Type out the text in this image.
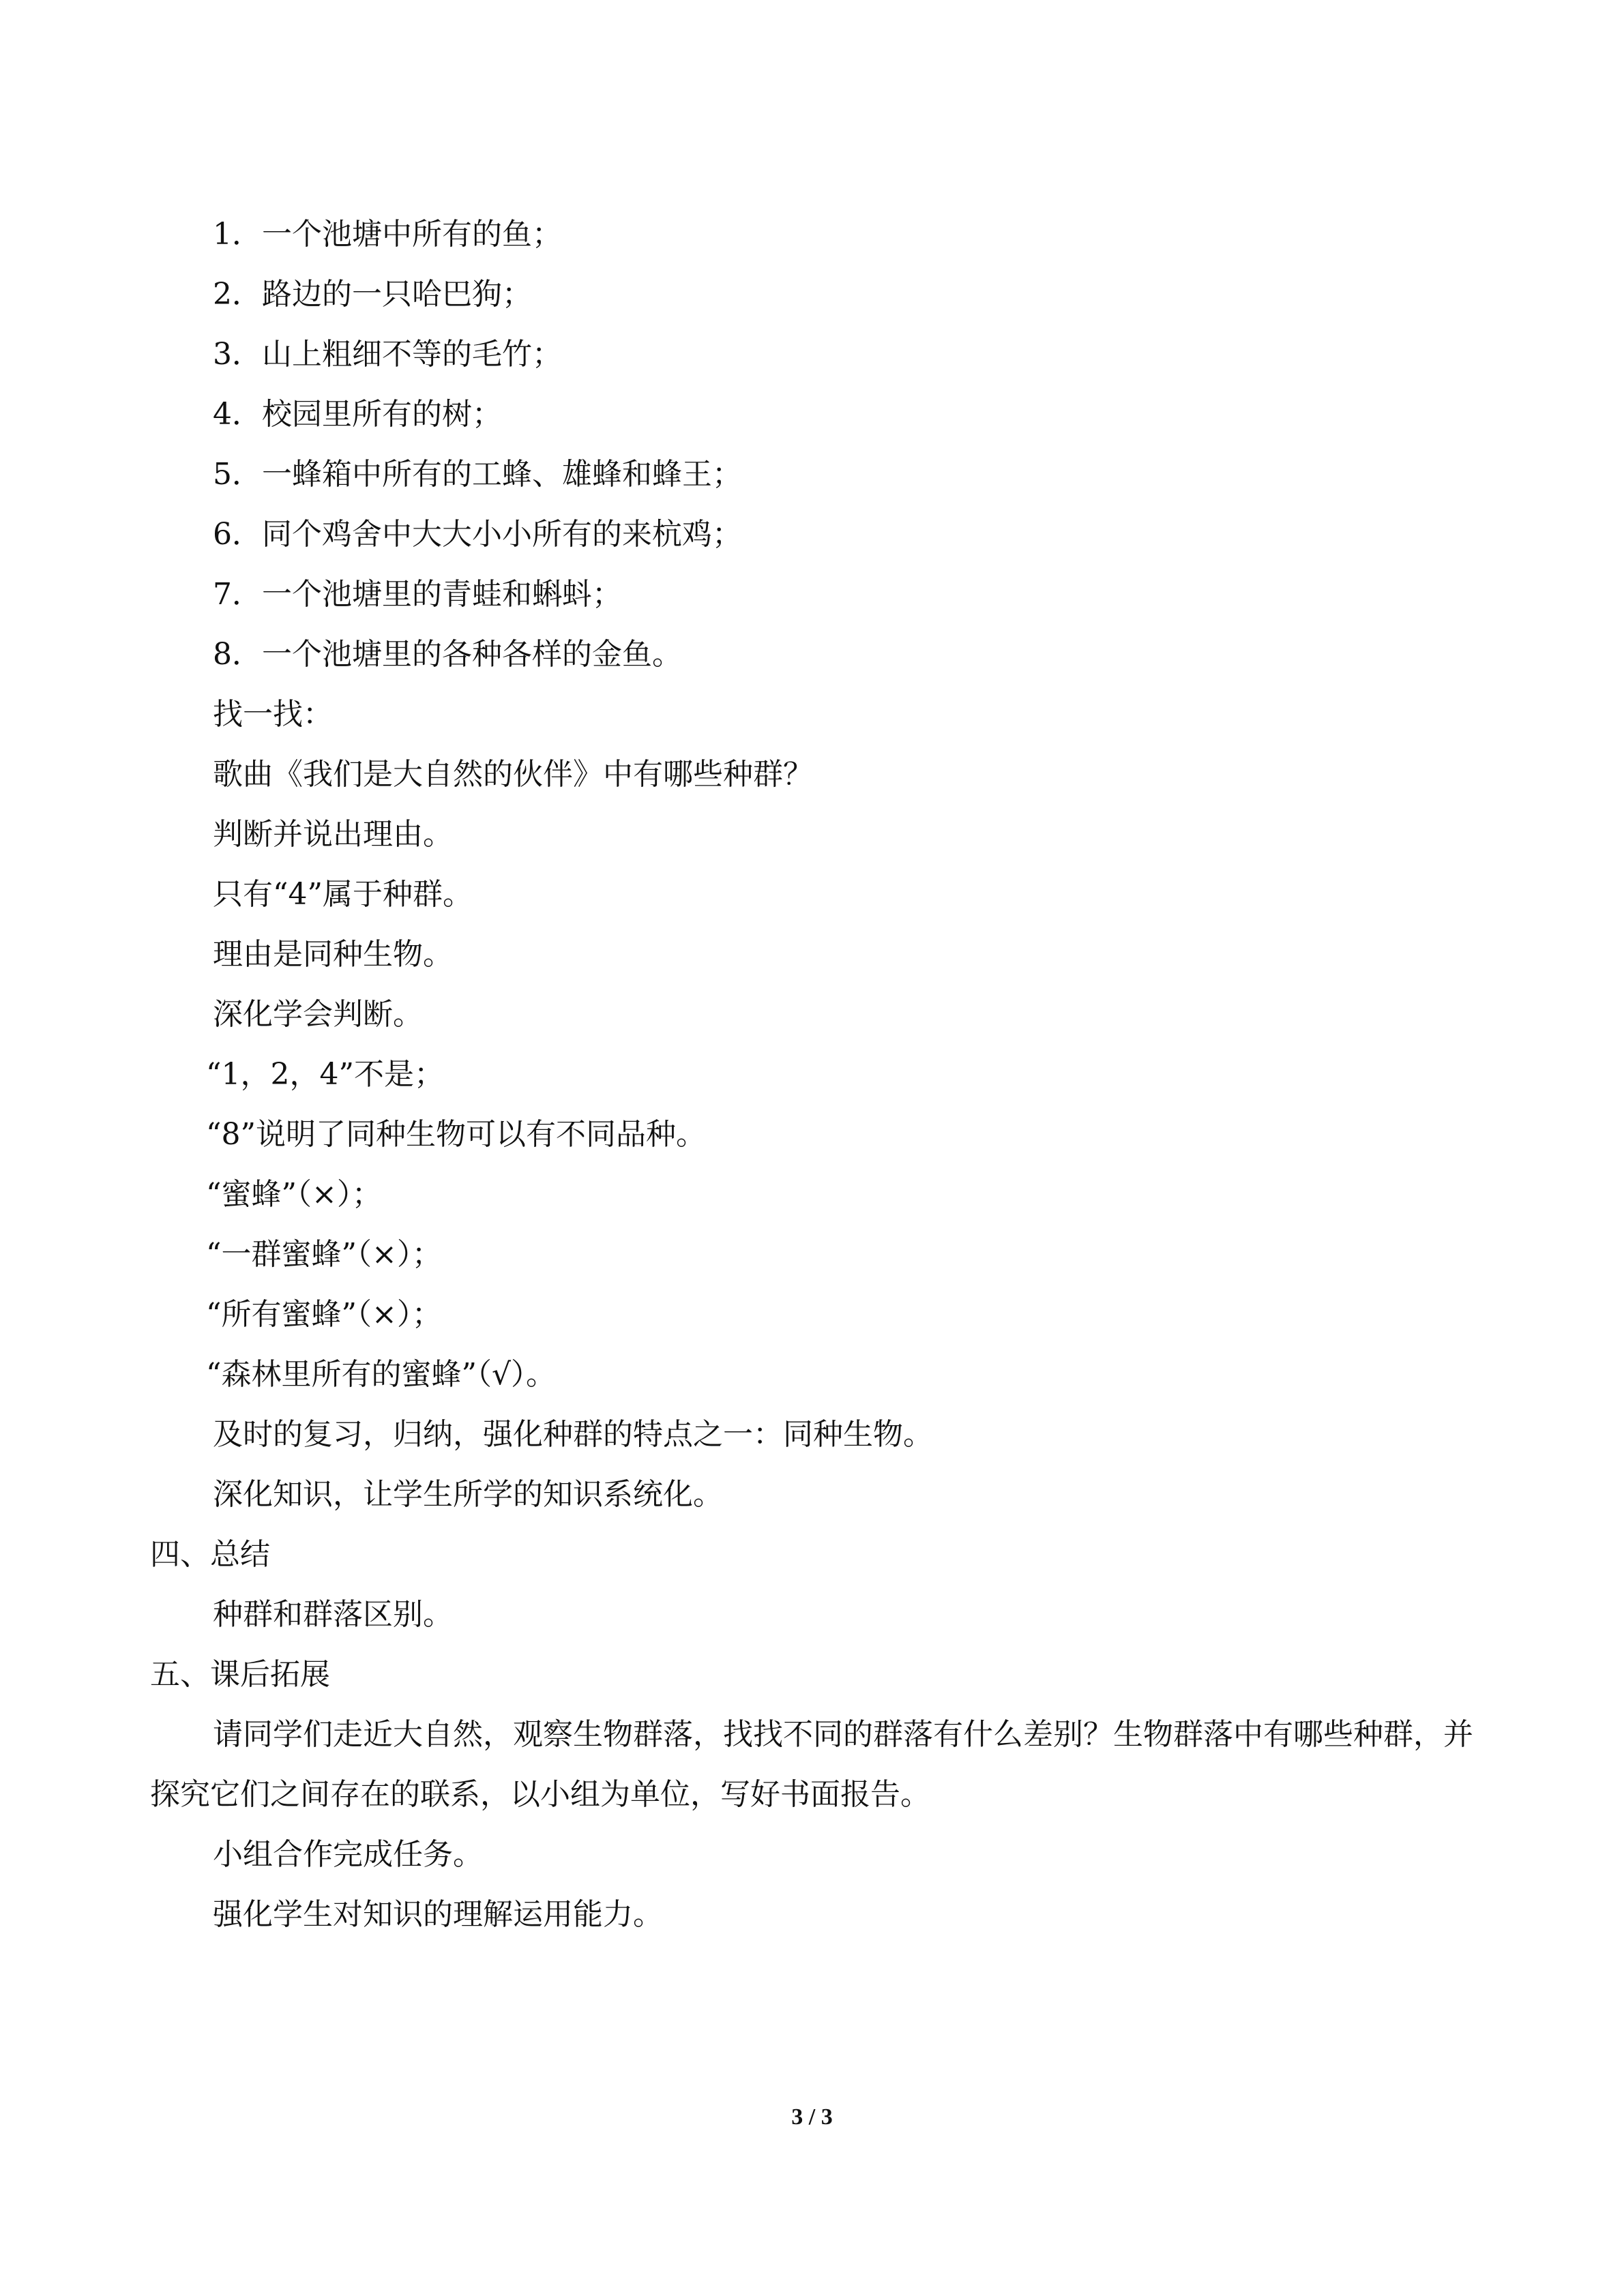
1．一个池塘中所有的鱼；
2．路边的一只哈巴狗；
3．山上粗细不等的毛竹；
4．校园里所有的树；
5．一蜂箱中所有的工蜂、雄蜂和蜂王；
6．同个鸡舍中大大小小所有的来杭鸡；
7．一个池塘里的青蛙和蝌蚪；
8．一个池塘里的各种各样的金鱼。
找一找：
歌曲《我们是大自然的伙伴》中有哪些种群？
判断并说出理由。
只有“4”属于种群。
理由是同种生物。
深化学会判断。
“1，2，4”不是；
“8”说明了同种生物可以有不同品种。
“蜜蜂”（×）；
“一群蜜蜂”（×）；
“所有蜜蜂”（×）；
“森林里所有的蜜蜂”（√）。
及时的复习，归纳，强化种群的特点之一：同种生物。
深化知识，让学生所学的知识系统化。
四、总结
种群和群落区别。
五、课后拓展
请同学们走近大自然，观察生物群落，找找不同的群落有什么差别？生物群落中有哪些种群，并探究它们之间存在的联系，以小组为单位，写好书面报告。
小组合作完成任务。
强化学生对知识的理解运用能力。
3 / 3
